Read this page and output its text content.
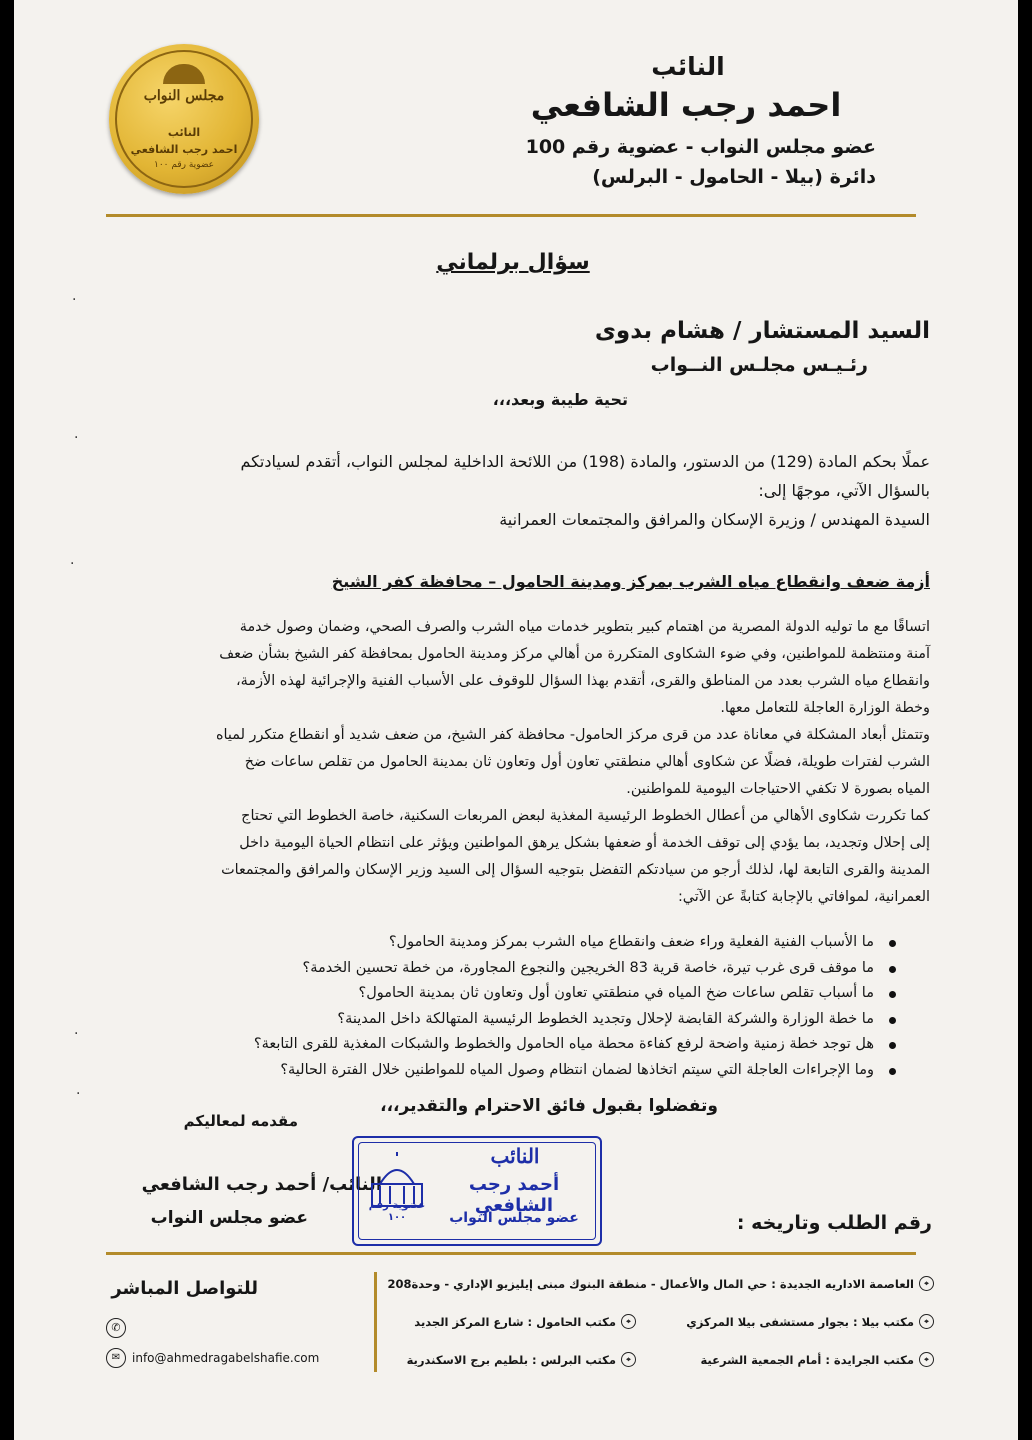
مجلس النواب
النائب
احمد رجب الشافعي
عضوية رقم ١٠٠
النائب
احمد رجب الشافعي
عضو مجلس النواب - عضوية رقم 100
دائرة (بيلا - الحامول - البرلس)
سؤال برلماني
السيد المستشار / هشام بدوى
رئـيـس مجلـس النــواب
تحية طيبة وبعد،،،
عملًا بحكم المادة (129) من الدستور، والمادة (198) من اللائحة الداخلية لمجلس النواب، أتقدم لسيادتكم
بالسؤال الآتي، موجهًا إلى:
السيدة المهندس / وزيرة الإسكان والمرافق والمجتمعات العمرانية
أزمة ضعف وانقطاع مياه الشرب بمركز ومدينة الحامول – محافظة كفر الشيخ
اتساقًا مع ما توليه الدولة المصرية من اهتمام كبير بتطوير خدمات مياه الشرب والصرف الصحي، وضمان وصول خدمة
آمنة ومنتظمة للمواطنين، وفي ضوء الشكاوى المتكررة من أهالي مركز ومدينة الحامول بمحافظة كفر الشيخ بشأن ضعف
وانقطاع مياه الشرب بعدد من المناطق والقرى، أتقدم بهذا السؤال للوقوف على الأسباب الفنية والإجرائية لهذه الأزمة،
وخطة الوزارة العاجلة للتعامل معها.
وتتمثل أبعاد المشكلة في معاناة عدد من قرى مركز الحامول- محافظة كفر الشيخ، من ضعف شديد أو انقطاع متكرر لمياه
الشرب لفترات طويلة، فضلًا عن شكاوى أهالي منطقتي تعاون أول وتعاون ثان بمدينة الحامول من تقلص ساعات ضخ
المياه بصورة لا تكفي الاحتياجات اليومية للمواطنين.
كما تكررت شكاوى الأهالي من أعطال الخطوط الرئيسية المغذية لبعض المربعات السكنية، خاصة الخطوط التي تحتاج
إلى إحلال وتجديد، بما يؤدي إلى توقف الخدمة أو ضعفها بشكل يرهق المواطنين ويؤثر على انتظام الحياة اليومية داخل
المدينة والقرى التابعة لها، لذلك أرجو من سيادتكم التفضل بتوجيه السؤال إلى السيد وزير الإسكان والمرافق والمجتمعات
العمرانية، لموافاتي بالإجابة كتابةً عن الآتي:
ما الأسباب الفنية الفعلية وراء ضعف وانقطاع مياه الشرب بمركز ومدينة الحامول؟
ما موقف قرى غرب تيرة، خاصة قرية 83 الخريجين والنجوع المجاورة، من خطة تحسين الخدمة؟
ما أسباب تقلص ساعات ضخ المياه في منطقتي تعاون أول وتعاون ثان بمدينة الحامول؟
ما خطة الوزارة والشركة القابضة لإحلال وتجديد الخطوط الرئيسية المتهالكة داخل المدينة؟
هل توجد خطة زمنية واضحة لرفع كفاءة محطة مياه الحامول والخطوط والشبكات المغذية للقرى التابعة؟
وما الإجراءات العاجلة التي سيتم اتخاذها لضمان انتظام وصول المياه للمواطنين خلال الفترة الحالية؟
وتفضلوا بقبول فائق الاحترام والتقدير،،،
مقدمه لمعاليكم
النائب/ أحمد رجب الشافعي
عضو مجلس النواب
النائب
أحمد رجب الشافعي
عضو مجلس النواب
عضوية رقم ١٠٠	رقم الطلب وتاريخه :
للتواصل المباشر
✆
✉ info@ahmedragabelshafie.com
⌖
العاصمة الاداريه الجديدة : حي المال والأعمال - منطقة البنوك مبنى إيليزيو الإداري - وحدة208
⌖
مكتب بيلا : بجوار مستشفى بيلا المركزي
⌖
مكتب الحامول : شارع المركز الجديد
⌖
مكتب الجرايدة : أمام الجمعية الشرعية
⌖
مكتب البرلس : بلطيم برج الاسكندرية
·
·
·
·
·
